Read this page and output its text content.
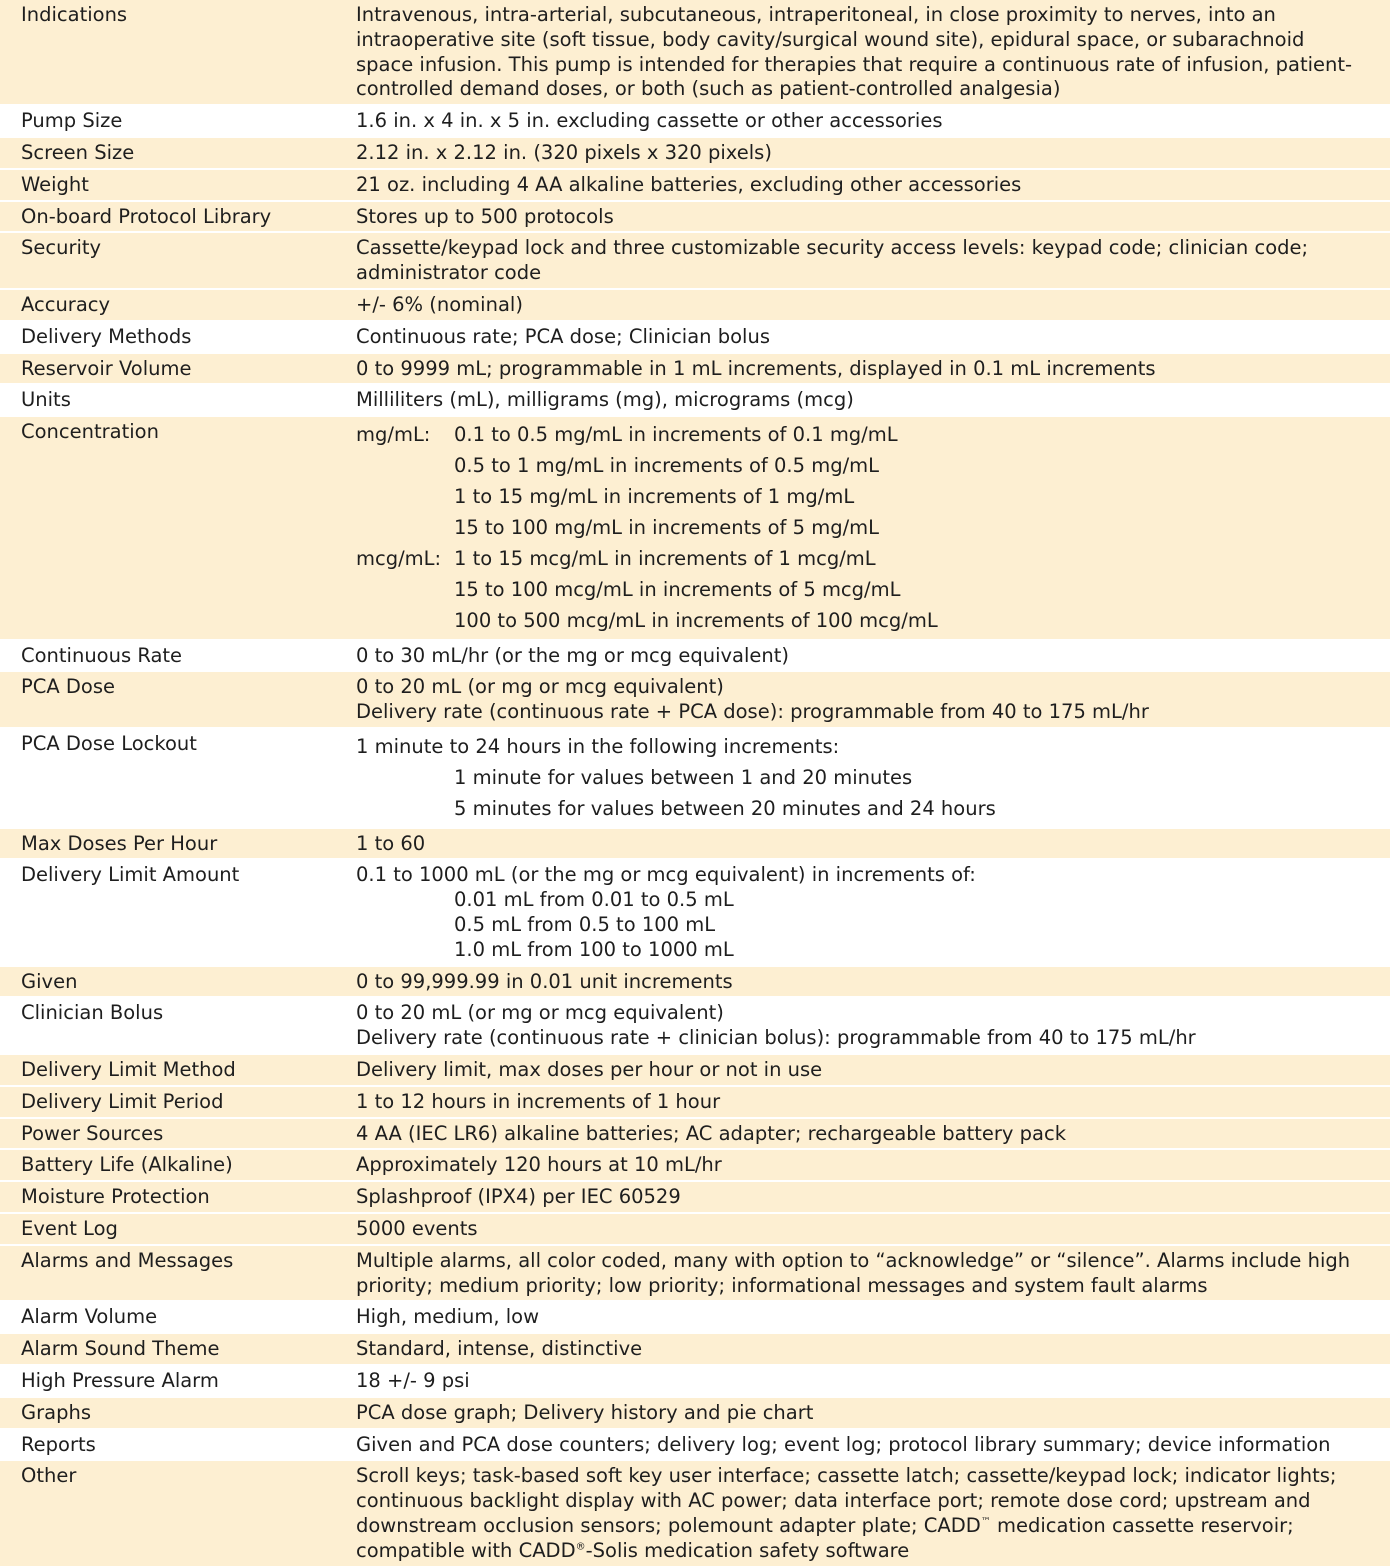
Indications	Intravenous, intra-arterial, subcutaneous, intraperitoneal, in close proximity to nerves, into an intraoperative site (soft tissue, body cavity/surgical wound site), epidural space, or subarachnoid space infusion. This pump is intended for therapies that require a continuous rate of infusion, patient-controlled demand doses, or both (such as patient-controlled analgesia)
Pump Size	1.6 in. x 4 in. x 5 in. excluding cassette or other accessories
Screen Size	2.12 in. x 2.12 in. (320 pixels x 320 pixels)
Weight	21 oz. including 4 AA alkaline batteries, excluding other accessories
On-board Protocol Library	Stores up to 500 protocols
Security	Cassette/keypad lock and three customizable security access levels: keypad code; clinician code; administrator code
Accuracy	+/- 6% (nominal)
Delivery Methods	Continuous rate; PCA dose; Clinician bolus
Reservoir Volume	0 to 9999 mL; programmable in 1 mL increments, displayed in 0.1 mL increments
Units	Milliliters (mL), milligrams (mg), micrograms (mcg)
Concentration	mg/mL:	0.1 to 0.5 mg/mL in increments of 0.1 mg/mL
0.5 to 1 mg/mL in increments of 0.5 mg/mL
1 to 15 mg/mL in increments of 1 mg/mL
15 to 100 mg/mL in increments of 5 mg/mL
mcg/mL: 1 to 15 mcg/mL in increments of 1 mcg/mL
15 to 100 mcg/mL in increments of 5 mcg/mL
100 to 500 mcg/mL in increments of 100 mcg/mL
Continuous Rate	0 to 30 mL/hr (or the mg or mcg equivalent)
PCA Dose	0 to 20 mL (or mg or mcg equivalent)
Delivery rate (continuous rate + PCA dose): programmable from 40 to 175 mL/hr
PCA Dose Lockout	1 minute to 24 hours in the following increments:
1 minute for values between 1 and 20 minutes
5 minutes for values between 20 minutes and 24 hours
Max Doses Per Hour	1 to 60
Delivery Limit Amount	0.1 to 1000 mL (or the mg or mcg equivalent) in increments of:
0.01 mL from 0.01 to 0.5 mL
0.5 mL from 0.5 to 100 mL
1.0 mL from 100 to 1000 mL
Given	0 to 99,999.99 in 0.01 unit increments
Clinician Bolus	0 to 20 mL (or mg or mcg equivalent)
Delivery rate (continuous rate + clinician bolus): programmable from 40 to 175 mL/hr
Delivery Limit Method	Delivery limit, max doses per hour or not in use
Delivery Limit Period	1 to 12 hours in increments of 1 hour
Power Sources	4 AA (IEC LR6) alkaline batteries; AC adapter; rechargeable battery pack
Battery Life (Alkaline)	Approximately 120 hours at 10 mL/hr
Moisture Protection	Splashproof (IPX4) per IEC 60529
Event Log	5000 events
Alarms and Messages	Multiple alarms, all color coded, many with option to “acknowledge” or “silence”. Alarms include high priority; medium priority; low priority; informational messages and system fault alarms
Alarm Volume	High, medium, low
Alarm Sound Theme	Standard, intense, distinctive
High Pressure Alarm	18 +/- 9 psi
Graphs	PCA dose graph; Delivery history and pie chart
Reports	Given and PCA dose counters; delivery log; event log; protocol library summary; device information
Other	Scroll keys; task-based soft key user interface; cassette latch; cassette/keypad lock; indicator lights; continuous backlight display with AC power; data interface port; remote dose cord; upstream and downstream occlusion sensors; polemount adapter plate; CADD™ medication cassette reservoir; compatible with CADD®-Solis medication safety software
